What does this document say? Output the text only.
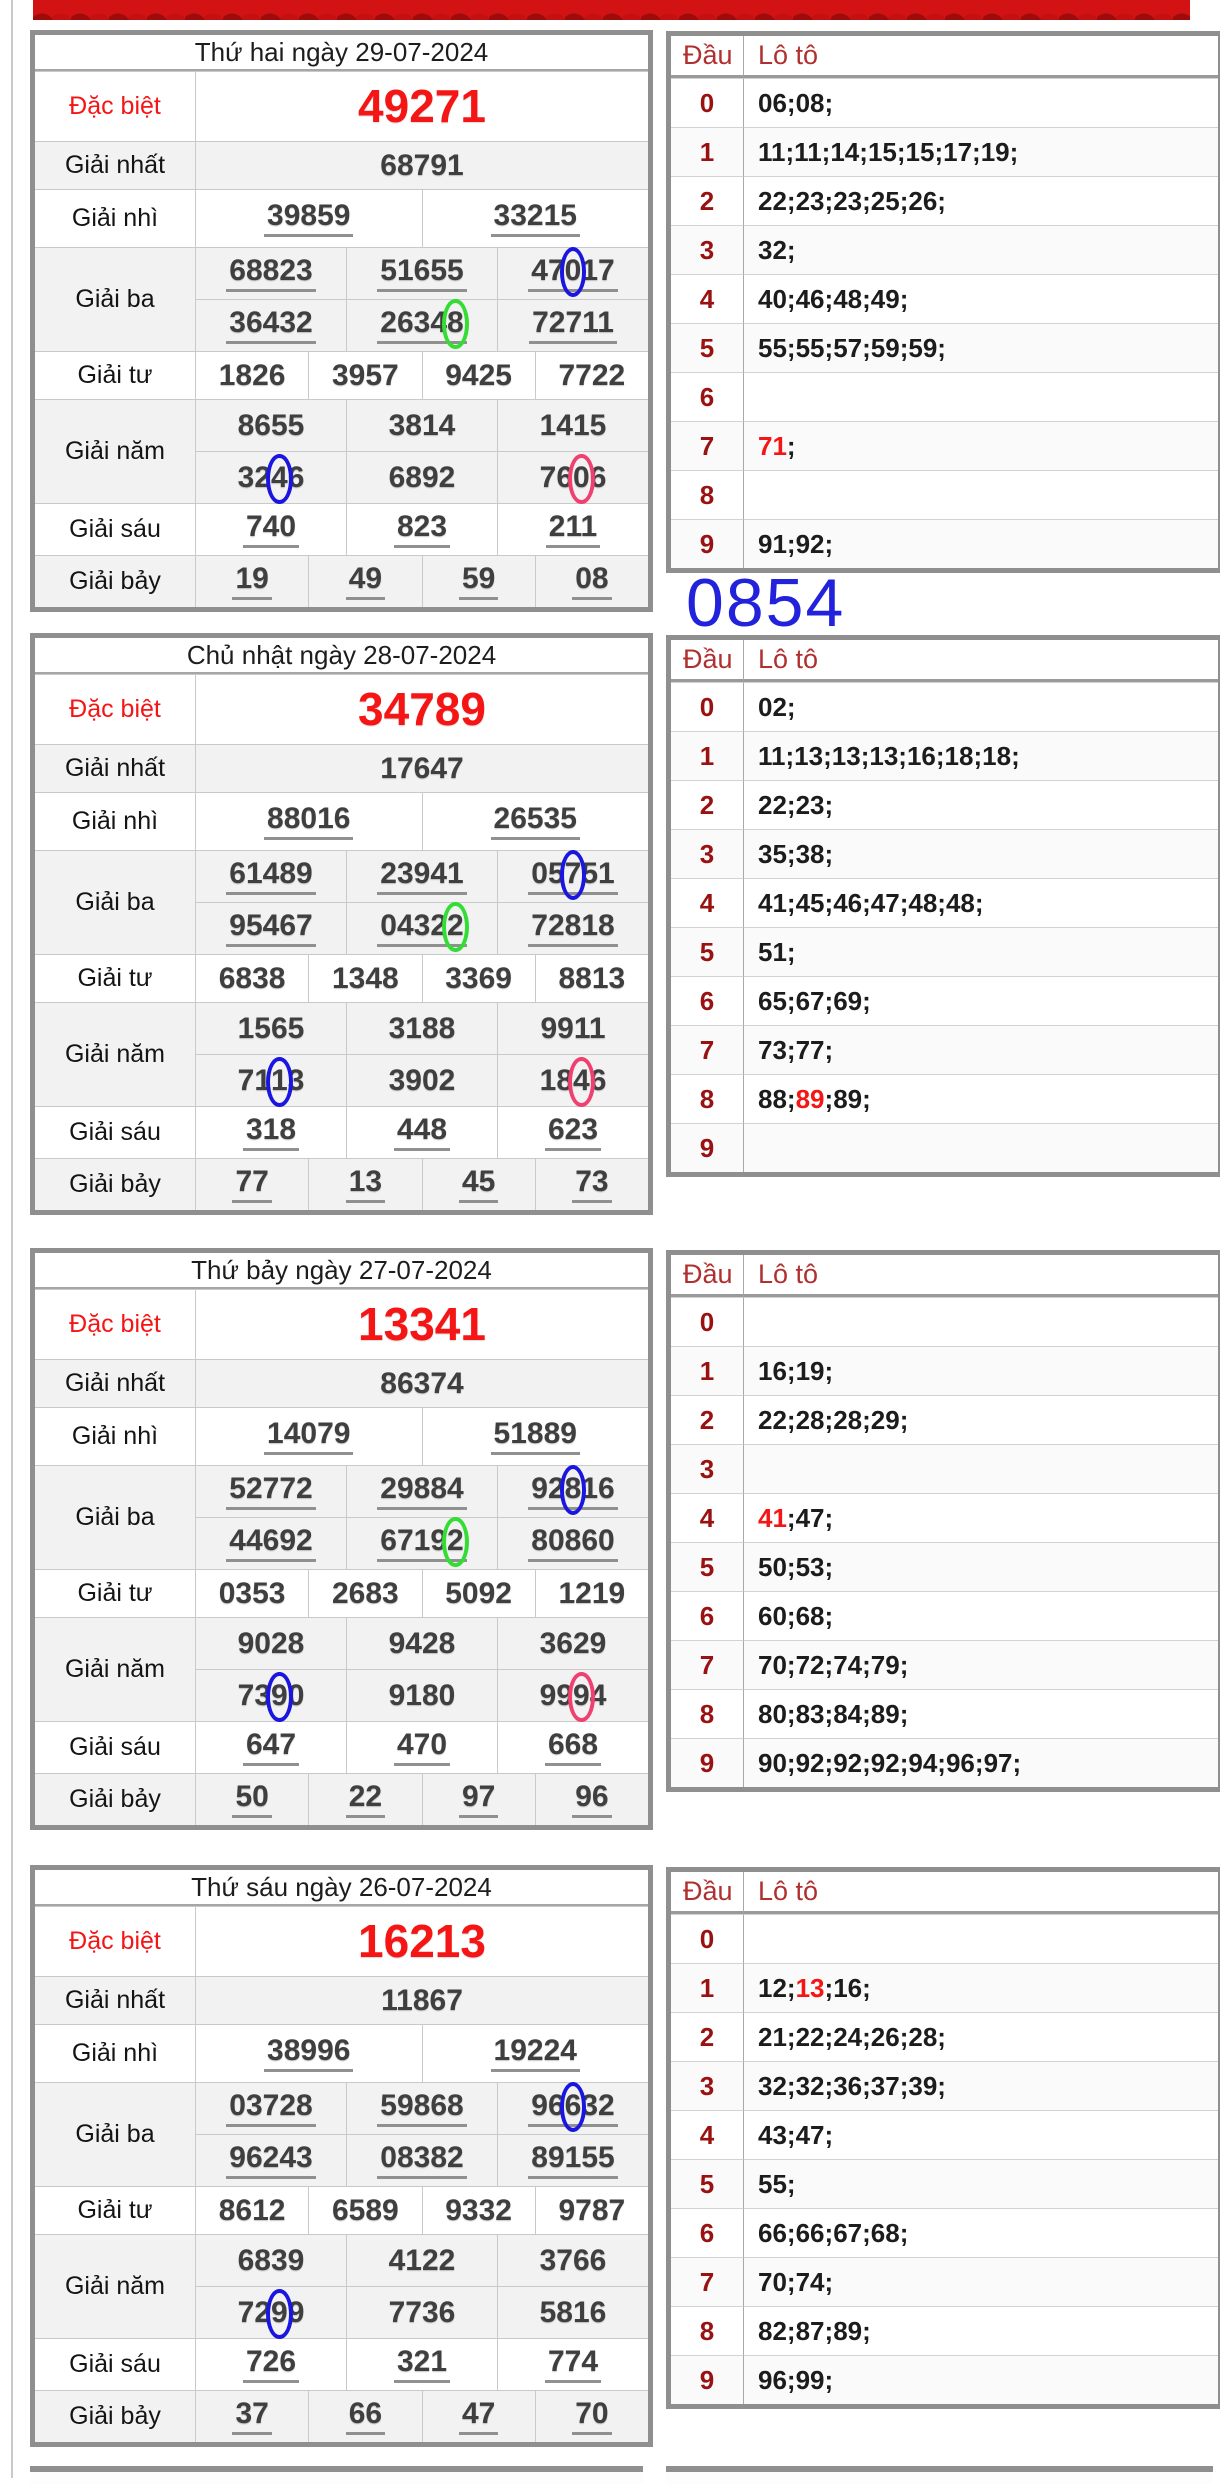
Thứ hai ngày 29-07-2024
Đặc biệt	49271
Giải nhất	68791
Giải nhì	39859	33215
Giải ba
68823 51655 47017
36432 26348 72711
Giải tư	1826 3957 9425 7722
Giải năm
8655	3814	1415
3246	6892	7606
Giải sáu	740	823	211
Giải bảy	19	49	59	08
Đầu Lô tô
0	06 ; 08 ;
1	11 ; 11 ; 14 ; 15 ; 15 ; 17 ; 19 ;
2	22 ; 23 ; 23 ; 25 ; 26 ;
3	32 ;
4	40 ; 46 ; 48 ; 49 ;
5	55 ; 55 ; 57 ; 59 ; 59 ;
6
7	71 ;
8
9	91 ; 92 ;
Chủ nhật ngày 28-07-2024
Đặc biệt	34789
Giải nhất	17647
Giải nhì	88016	26535
Giải ba
61489 23941 05751
95467 04322 72818
Giải tư	6838 1348 3369 8813
Giải năm
1565	3188	9911
7113	3902	1846
Giải sáu	318	448	623
Giải bảy	77	13	45	73
Đầu Lô tô
0	02 ;
1	11 ; 13 ; 13 ; 13 ; 16 ; 18 ; 18 ;
2	22 ; 23 ;
3	35 ; 38 ;
4	41 ; 45 ; 46 ; 47 ; 48 ; 48 ;
5	51 ;
6	65 ; 67 ; 69 ;
7	73 ; 77 ;
8	88 ; 89 ; 89 ;
9
Thứ bảy ngày 27-07-2024
Đặc biệt	13341
Giải nhất	86374
Giải nhì	14079	51889
Giải ba
52772 29884 92816
44692 67192 80860
Giải tư	0353 2683 5092 1219
Giải năm
9028	9428	3629
7390	9180	9994
Giải sáu	647	470	668
Giải bảy	50	22	97	96
Đầu Lô tô
0
1	16 ; 19 ;
2	22 ; 28 ; 28 ; 29 ;
3
4	41 ; 47 ;
5	50 ; 53 ;
6	60 ; 68 ;
7	70 ; 72 ; 74 ; 79 ;
8	80 ; 83 ; 84 ; 89 ;
9	90 ; 92 ; 92 ; 92 ; 94 ; 96 ; 97 ;
Thứ sáu ngày 26-07-2024
Đặc biệt	16213
Giải nhất	11867
Giải nhì	38996	19224
Giải ba
03728 59868 96632
96243 08382 89155
Giải tư	8612 6589 9332 9787
Giải năm
6839	4122	3766
7299	7736	5816
Giải sáu	726	321	774
Giải bảy	37	66	47	70
Đầu Lô tô
0
1	12 ; 13 ; 16 ;
2	21 ; 22 ; 24 ; 26 ; 28 ;
3	32 ; 32 ; 36 ; 37 ; 39 ;
4	43 ; 47 ;
5	55 ;
6	66 ; 66 ; 67 ; 68 ;
7	70 ; 74 ;
8	82 ; 87 ; 89 ;
9	96 ; 99 ;
0854
